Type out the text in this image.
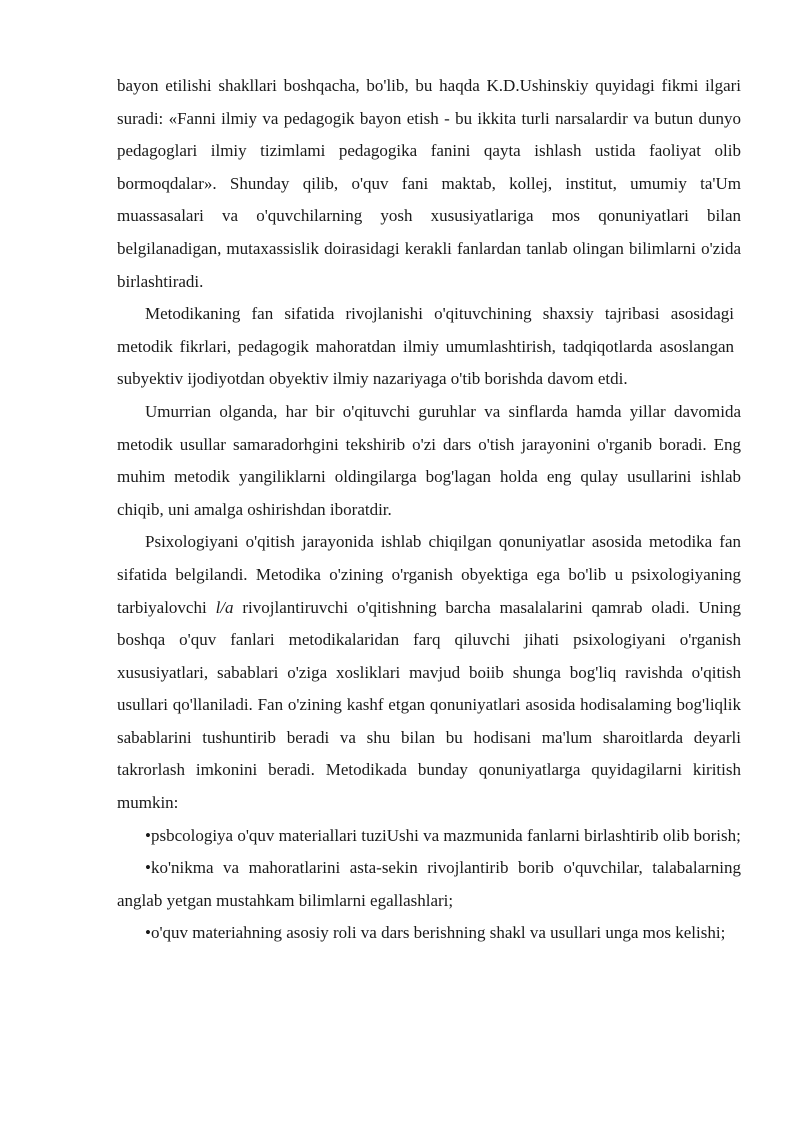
bayon etilishi shakllari boshqacha, bo'lib, bu haqda K.D.Ushinskiy quyidagi fikmi ilgari suradi: «Fanni ilmiy va pedagogik bayon etish - bu ikkita turli narsalardir va butun dunyo pedagoglari ilmiy tizimlami pedagogika fanini qayta ishlash ustida faoliyat olib bormoqdalar». Shunday qilib, o'quv fani maktab, kollej, institut, umumiy ta'Um muassasalari va o'quvchilarning yosh xususiyatlariga mos qonuniyatlari bilan belgilanadigan, mutaxassislik doirasidagi kerakli fanlardan tanlab olingan bilimlarni o'zida birlashtiradi.

Metodikaning fan sifatida rivojlanishi o'qituvchining shaxsiy tajribasi asosidagi metodik fikrlari, pedagogik mahoratdan ilmiy umumlashtirish, tadqiqotlarda asoslangan subyektiv ijodiyotdan obyektiv ilmiy nazariyaga o'tib borishda davom etdi.

Umurrian olganda, har bir o'qituvchi guruhlar va sinflarda hamda yillar davomida metodik usullar samaradorhgini tekshirib o'zi dars o'tish jarayonini o'rganib boradi. Eng muhim metodik yangiliklarni oldingilarga bog'lagan holda eng qulay usullarini ishlab chiqib, uni amalga oshirishdan iboratdir.

Psixologiyani o'qitish jarayonida ishlab chiqilgan qonuniyatlar asosida metodika fan sifatida belgilandi. Metodika o'zining o'rganish obyektiga ega bo'lib u psixologiyaning tarbiyalovchi l/a rivojlantiruvchi o'qitishning barcha masalalarini qamrab oladi. Uning boshqa o'quv fanlari metodikalaridan farq qiluvchi jihati psixologiyani o'rganish xususiyatlari, sabablari o'ziga xosliklari mavjud boiib shunga bog'liq ravishda o'qitish usullari qo'llaniladi. Fan o'zining kashf etgan qonuniyatlari asosida hodisalaming bog'liqlik sabablarini tushuntirib beradi va shu bilan bu hodisani ma'lum sharoitlarda deyarli takrorlash imkonini beradi. Metodikada bunday qonuniyatlarga quyidagilarni kiritish mumkin:

•psbcologiya o'quv materiallari tuziUshi va mazmunida fanlarni birlashtirib olib borish;

•ko'nikma va mahoratlarini asta-sekin rivojlantirib borib o'quvchilar, talabalarning anglab yetgan mustahkam bilimlarni egallashlari;

•o'quv materiahning asosiy roli va dars berishning shakl va usullari unga mos kelishi;
